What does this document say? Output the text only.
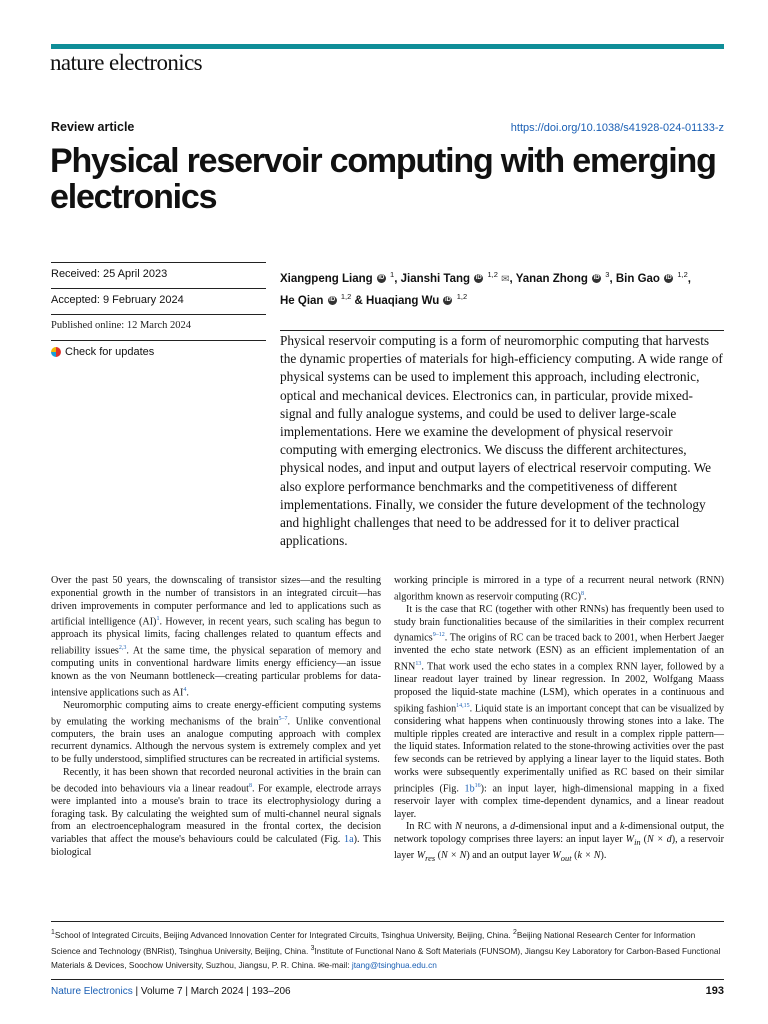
nature electronics
Review article	https://doi.org/10.1038/s41928-024-01133-z
Physical reservoir computing with emerging electronics
Received: 25 April 2023
Accepted: 9 February 2024
Published online: 12 March 2024
Check for updates
Xiangpeng Liang iD $^1$, Jianshi Tang iD $^{1,2}$ ✉, Yanan Zhong iD $^3$, Bin Gao iD $^{1,2}$,
He Qian iD $^{1,2}$ & Huaqiang Wu iD $^{1,2}$

Physical reservoir computing is a form of neuromorphic computing that harvests the dynamic properties of materials for high-efficiency computing. A wide range of physical systems can be used to implement this approach, including electronic, optical and mechanical devices. Electronics can, in particular, provide mixed-signal and fully analogue systems, and could be used to deliver large-scale implementations. Here we examine the development of physical reservoir computing with emerging electronics. We discuss the different architectures, physical nodes, and input and output layers of electrical reservoir computing. We also explore performance benchmarks and the competitiveness of different implementations. Finally, we consider the future development of the technology and highlight challenges that need to be addressed for it to deliver practical applications.

Over the past 50 years, the downscaling of transistor sizes—and the resulting exponential growth in the number of transistors in an integrated circuit—has driven improvements in computer performance and led to applications such as artificial intelligence (AI)$^1$. However, in recent years, such scaling has begun to approach its physical limits, facing challenges related to quantum effects and reliability issues$^{2,3}$. At the same time, the physical separation of memory and computing units in conventional hardware limits energy efficiency—an issue known as the von Neumann bottleneck—creating particular problems for data-intensive applications such as AI$^4$.

Neuromorphic computing aims to create energy-efficient computing systems by emulating the working mechanisms of the brain$^{5-7}$. Unlike conventional computers, the brain uses an analogue computing approach with complex recurrent dynamics. Although the nervous system is extremely complex and yet to be fully understood, simplified structures can be recreated in artificial systems.

Recently, it has been shown that recorded neuronal activities in the brain can be decoded into behaviours via a linear readout$^8$. For example, electrode arrays were implanted into a mouse's brain to trace its electrophysiology during a foraging task. By calculating the weighted sum of multi-channel neural signals from an electroencephalogram measured in the frontal cortex, the decision variables that affect the mouse's behaviours could be calculated (Fig. 1a). This biological

working principle is mirrored in a type of a recurrent neural network (RNN) algorithm known as reservoir computing (RC)$^8$.

It is the case that RC (together with other RNNs) has frequently been used to study brain functionalities because of the similarities in their complex recurrent dynamics$^{9-12}$. The origins of RC can be traced back to 2001, when Herbert Jaeger invented the echo state network (ESN) as an efficient implementation of an RNN$^{13}$. That work used the echo states in a complex RNN layer, followed by a linear readout layer trained by linear regression. In 2002, Wolfgang Maass proposed the liquid-state machine (LSM), which operates in a continuous and spiking fashion$^{14,15}$. Liquid state is an important concept that can be visualized by considering what happens when continuously throwing stones into a lake. The multiple ripples created are interactive and result in a complex ripple pattern—the liquid states. Information related to the stone-throwing activities over the past few seconds can be retrieved by applying a linear layer to the liquid states. Both works were subsequently experimentally unified as RC based on their similar principles (Fig. 1b$^{16}$): an input layer, high-dimensional mapping in a fixed reservoir layer with complex time-dependent dynamics, and a linear readout layer.

In RC with N neurons, a d-dimensional input and a k-dimensional output, the network topology comprises three layers: an input layer $W_{in}$ (N × d), a reservoir layer $W_{res}$ (N × N) and an output layer $W_{out}$ (k × N).

$^1$School of Integrated Circuits, Beijing Advanced Innovation Center for Integrated Circuits, Tsinghua University, Beijing, China. $^2$Beijing National Research Center for Information Science and Technology (BNRist), Tsinghua University, Beijing, China. $^3$Institute of Functional Nano & Soft Materials (FUNSOM), Jiangsu Key Laboratory for Carbon-Based Functional Materials & Devices, Soochow University, Suzhou, Jiangsu, P. R. China. ✉e-mail: jtang@tsinghua.edu.cn

Nature Electronics | Volume 7 | March 2024 | 193–206	193
